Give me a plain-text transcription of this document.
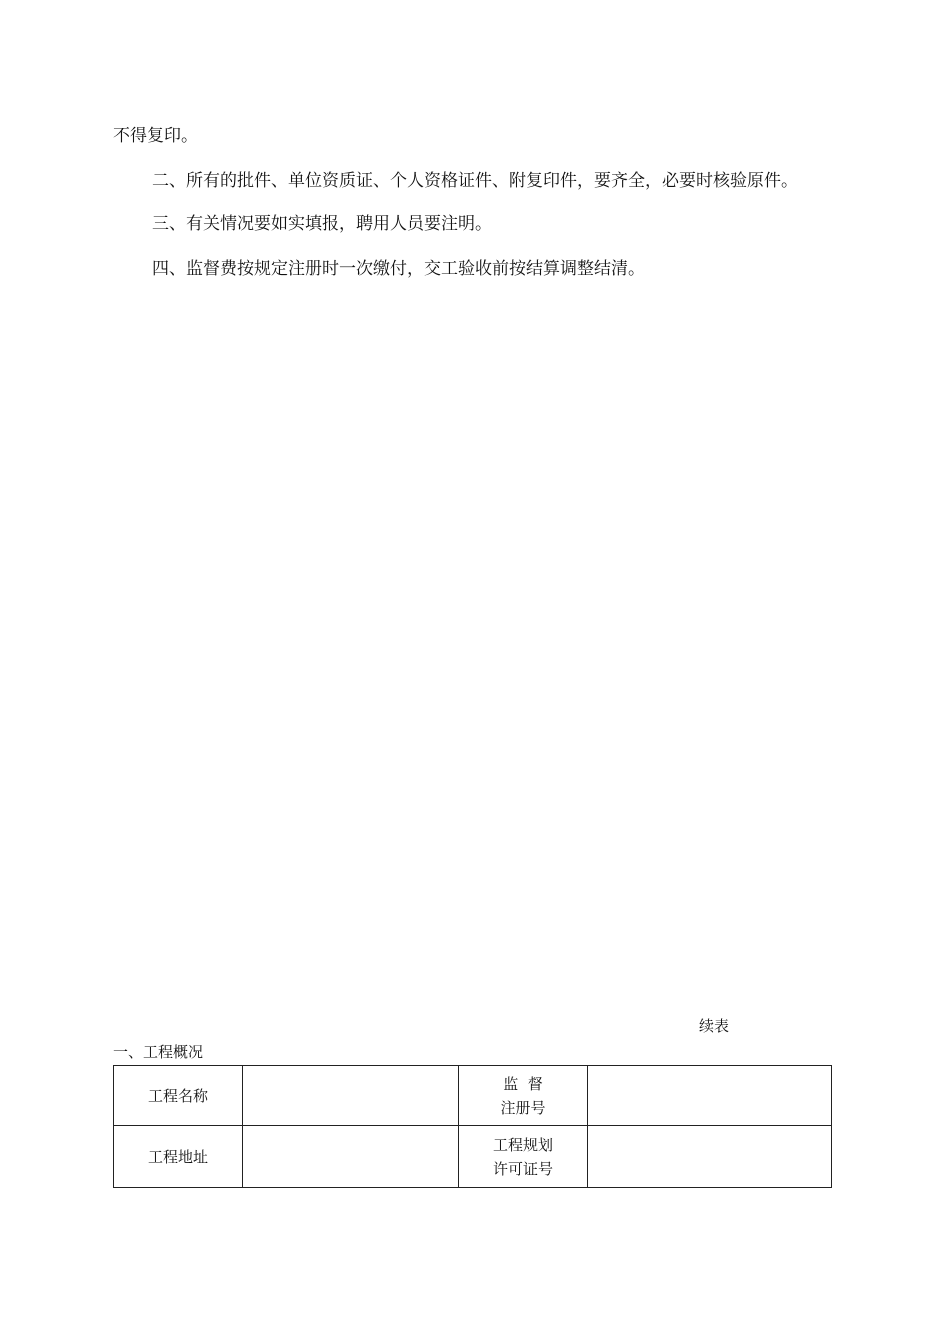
不得复印。

二、所有的批件、单位资质证、个人资格证件、附复印件，要齐全，必要时核验原件。

三、有关情况要如实填报，聘用人员要注明。

四、监督费按规定注册时一次缴付，交工验收前按结算调整结清。

续表
一、工程概况
工程名称		监  督
注册号	

工程地址		工程规划
许可证号	
